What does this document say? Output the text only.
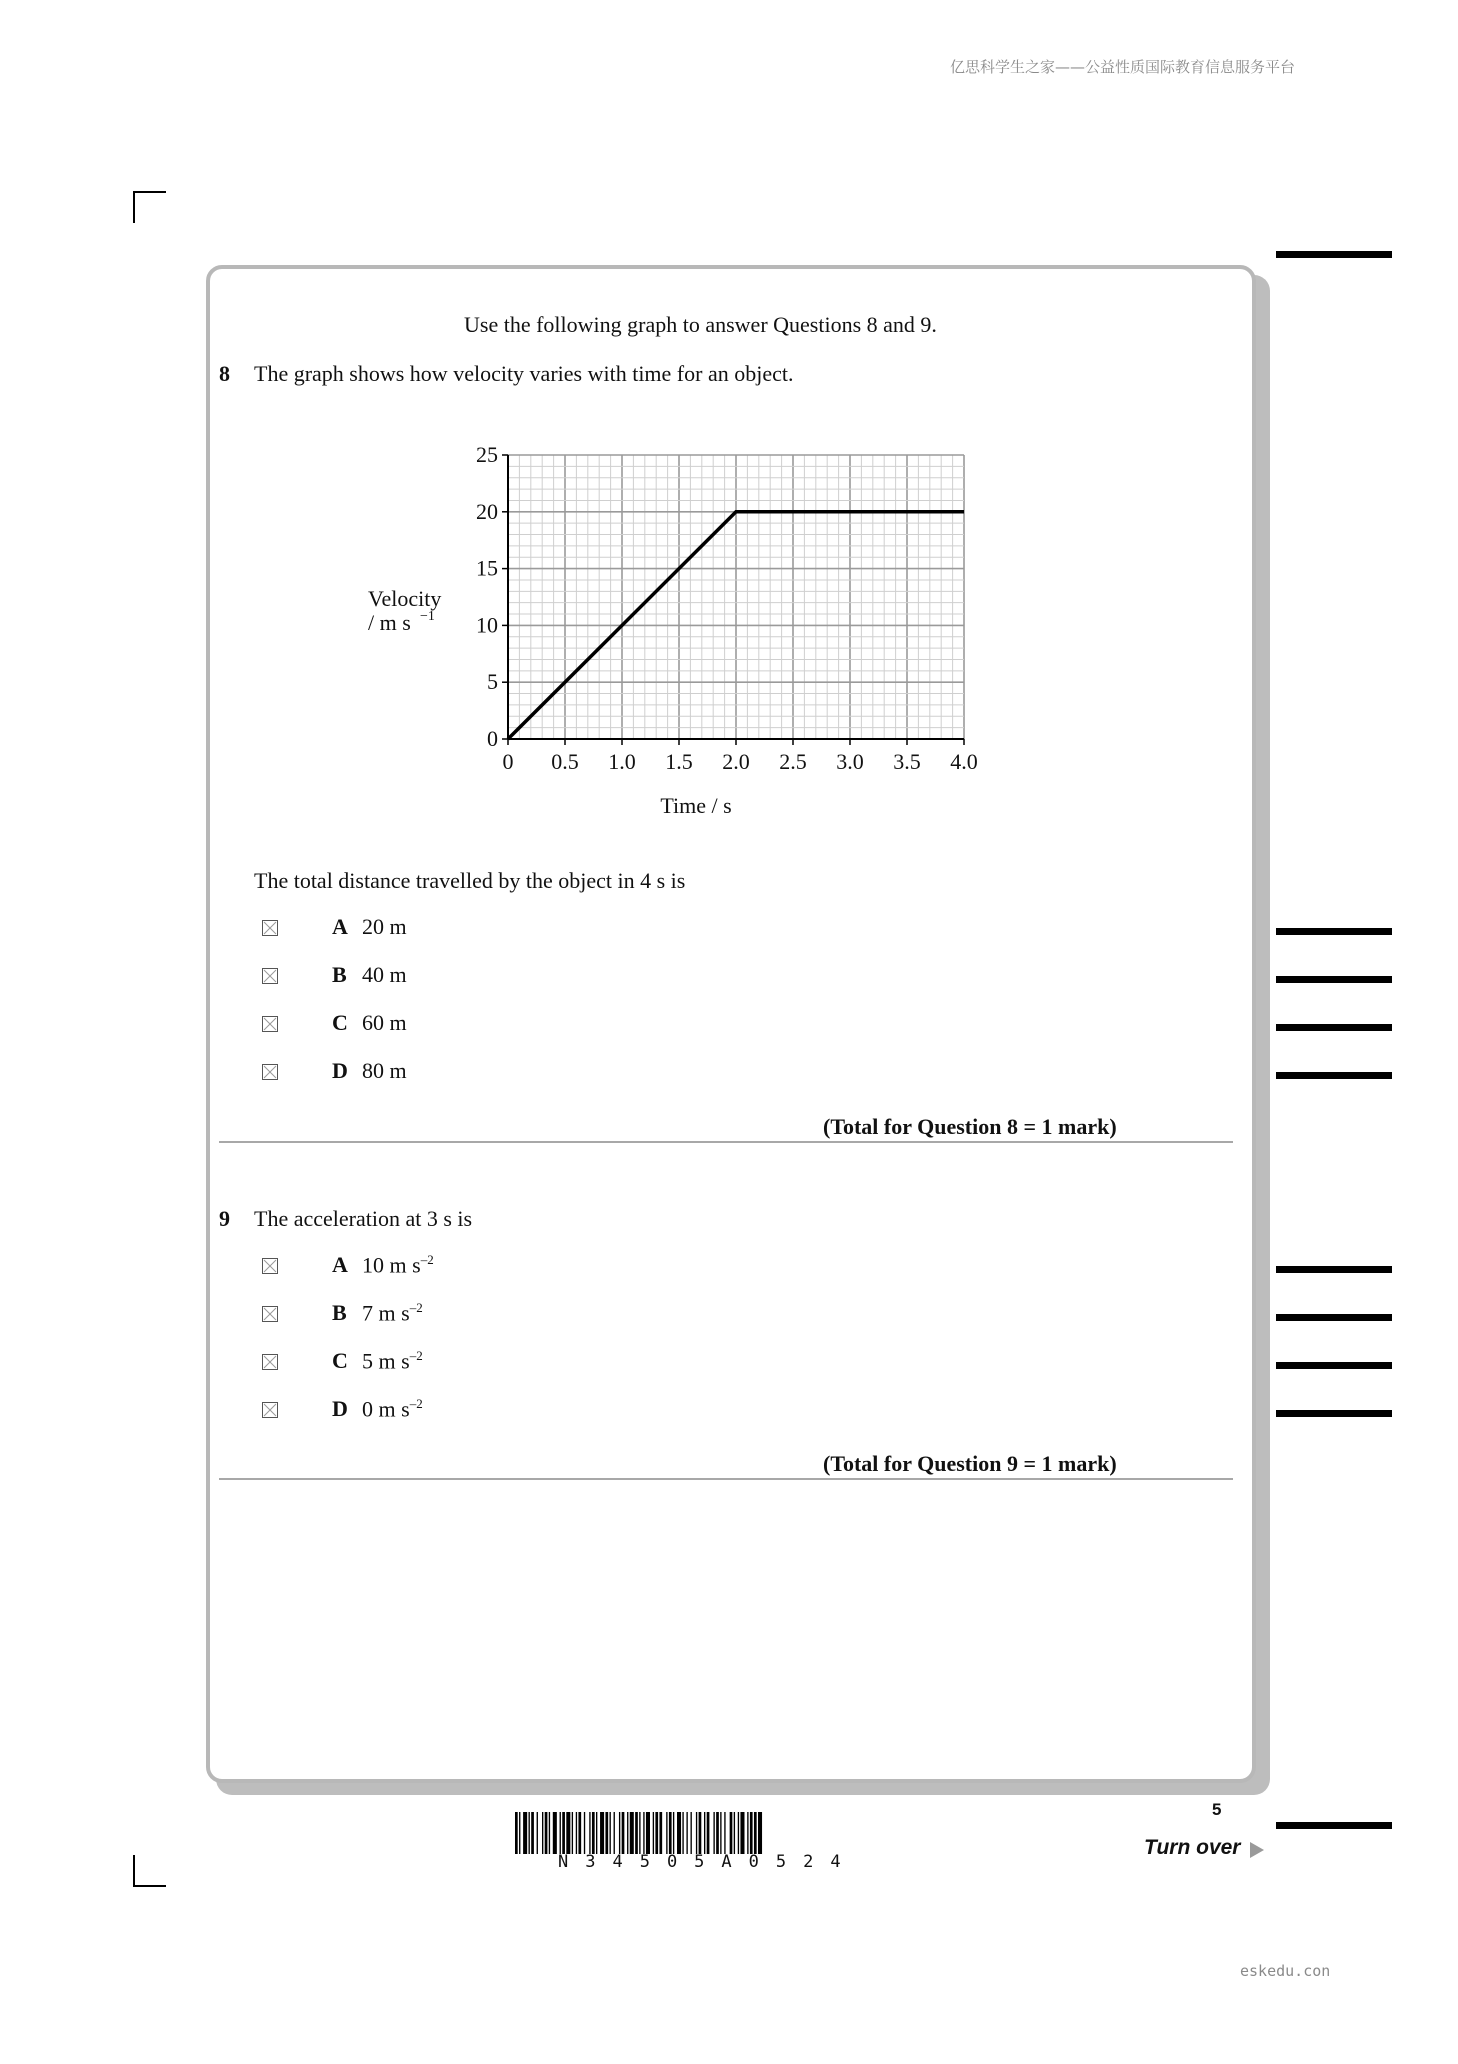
亿思科学生之家——公益性质国际教育信息服务平台
Use the following graph to answer Questions 8 and 9.
8 The graph shows how velocity varies with time for an object.
0 0.5 1.0 1.5 2.0 2.5 3.0 3.5 4.0
0
5
10
15
20
25
Time / s
Velocity
/ m s −1
The total distance travelled by the object in 4 s is
A 20 m
B 40 m
C 60 m
D 80 m
(Total for Question 8 = 1 mark)
9 The acceleration at 3 s is
A 10 m $s^{-2}$
B 7 m $s^{-2}$
C 5 m $s^{-2}$
D 0 m $s^{-2}$
(Total for Question 9 = 1 mark)
N34505A0524
5
Turn over
eskedu.con
